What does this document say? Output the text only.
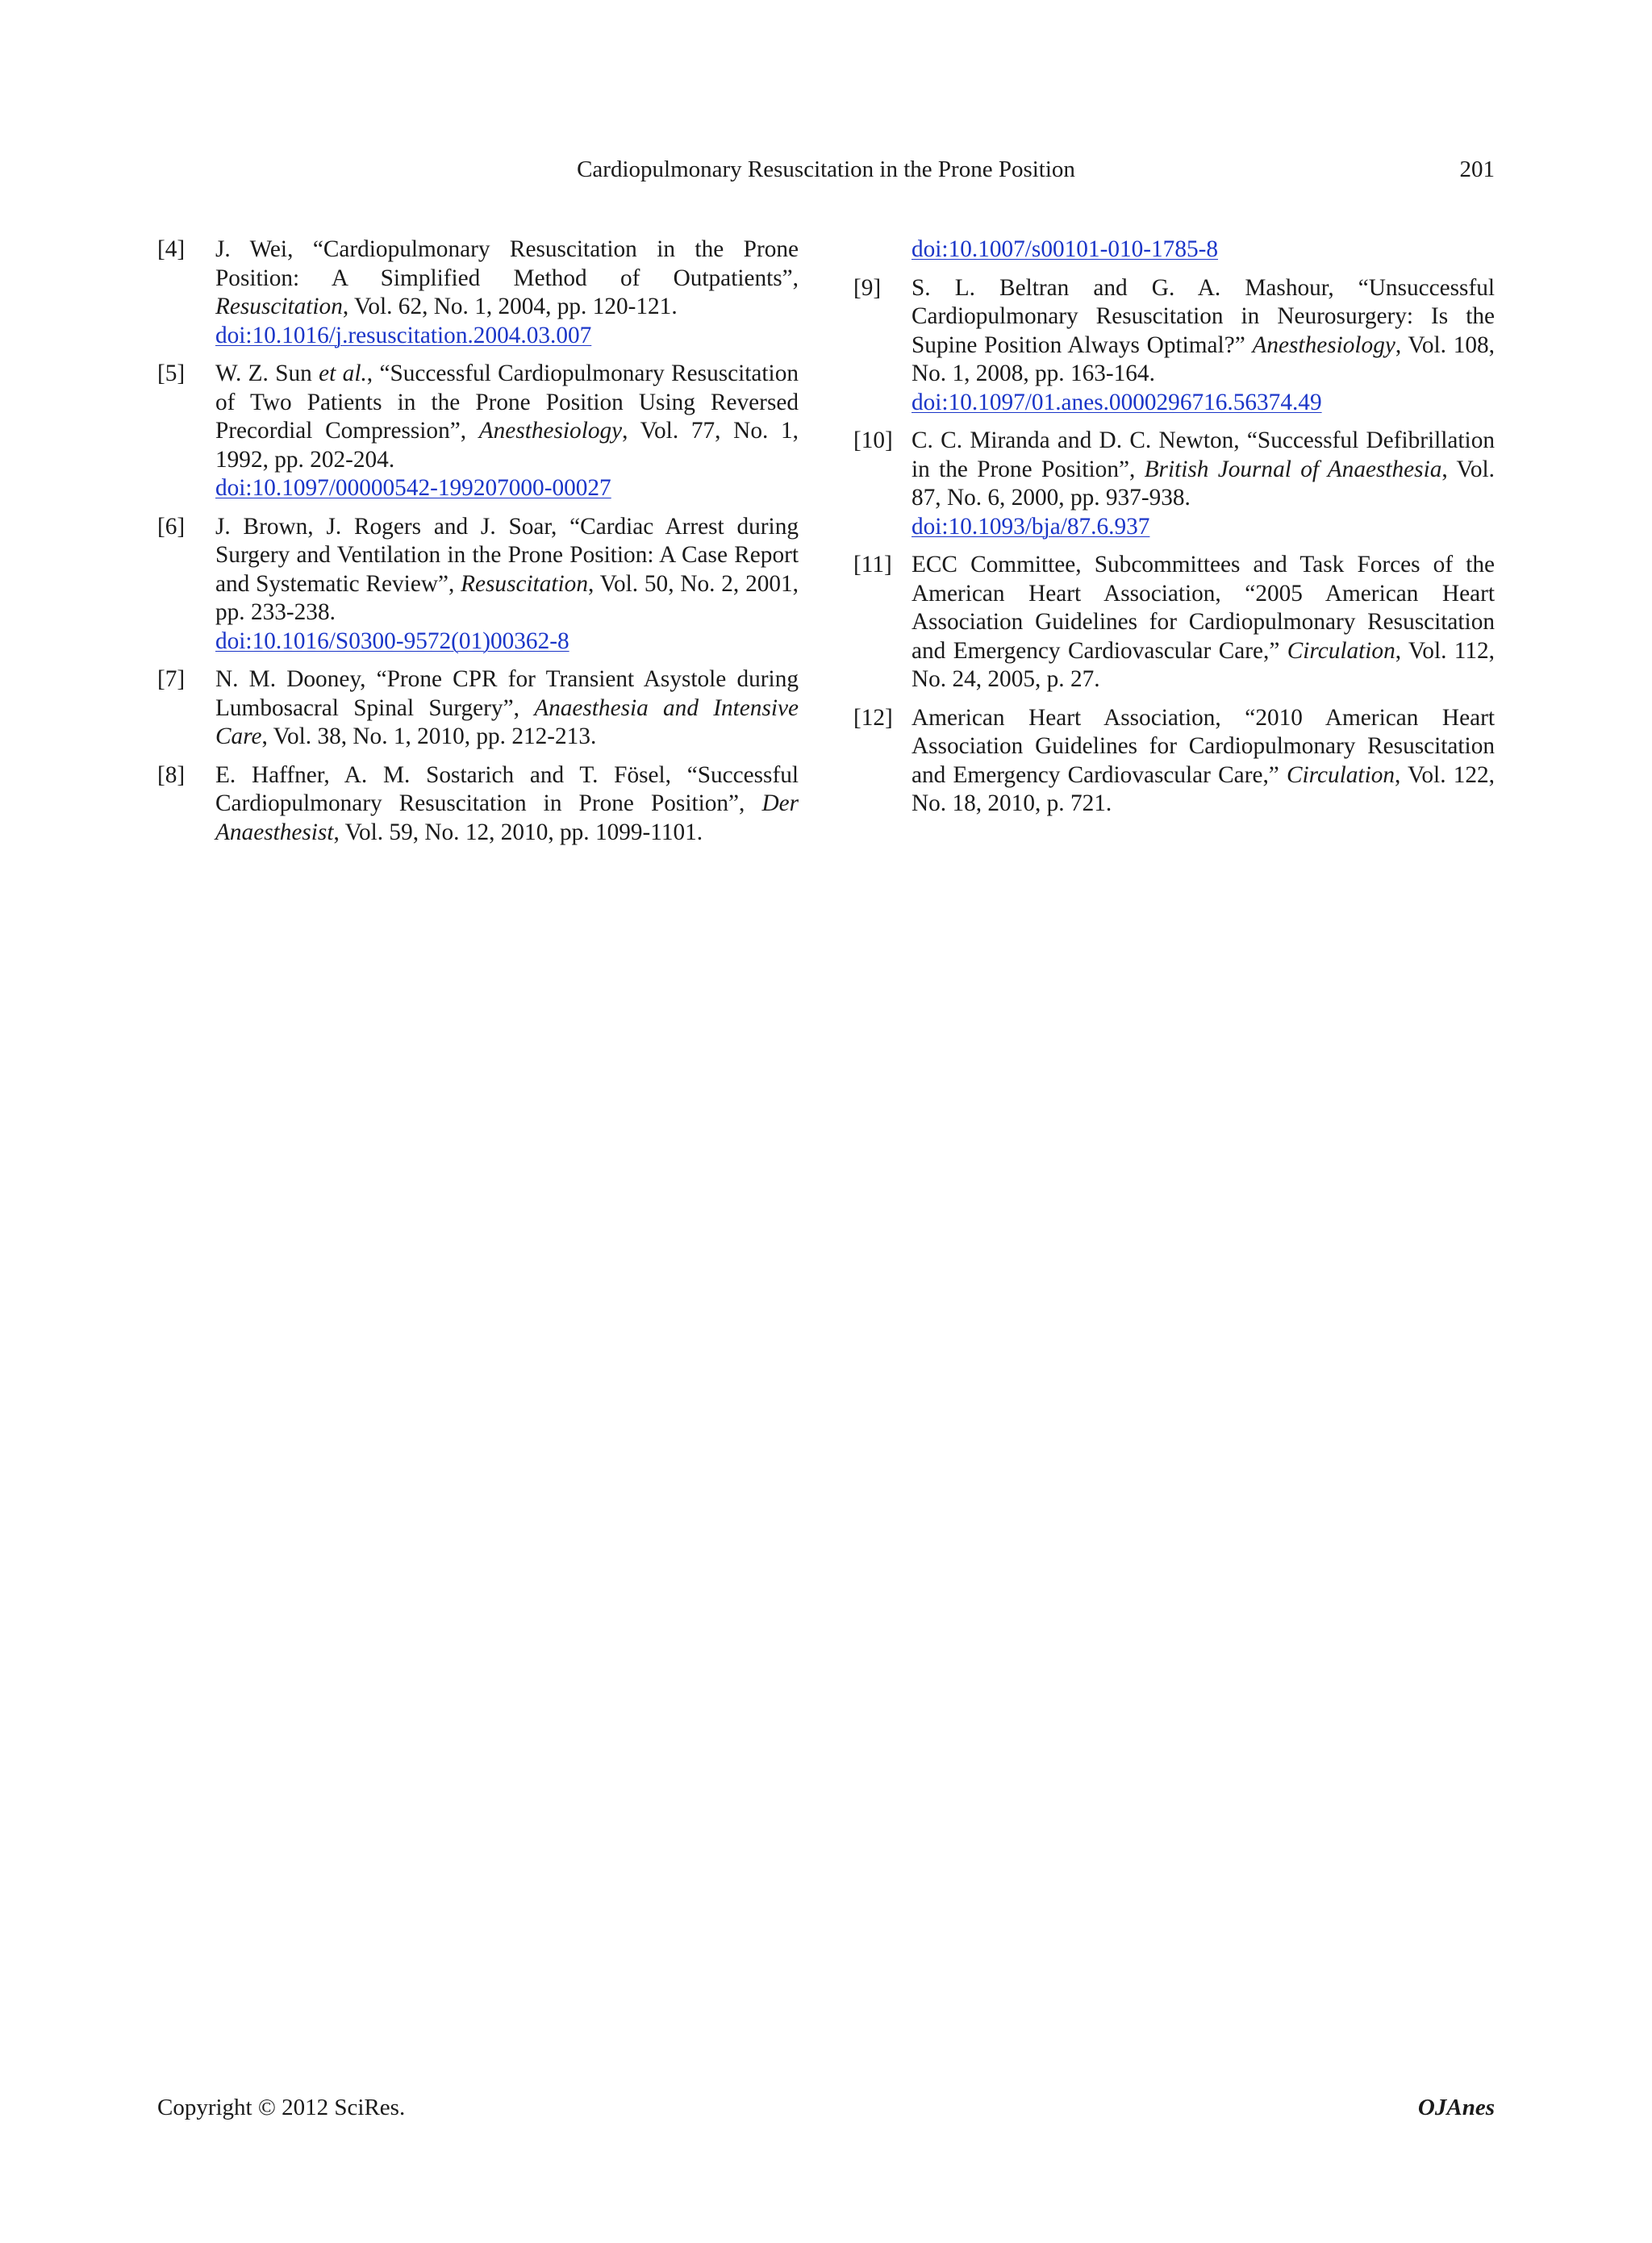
Cardiopulmonary Resuscitation in the Prone Position	201
[4] J. Wei, “Cardiopulmonary Resuscitation in the Prone Position: A Simplified Method of Outpatients”, Resuscitation, Vol. 62, No. 1, 2004, pp. 120-121.
doi:10.1016/j.resuscitation.2004.03.007
[5] W. Z. Sun et al., “Successful Cardiopulmonary Resuscitation of Two Patients in the Prone Position Using Reversed Precordial Compression”, Anesthesiology, Vol. 77, No. 1, 1992, pp. 202-204.
doi:10.1097/00000542-199207000-00027
[6] J. Brown, J. Rogers and J. Soar, “Cardiac Arrest during Surgery and Ventilation in the Prone Position: A Case Report and Systematic Review”, Resuscitation, Vol. 50, No. 2, 2001, pp. 233-238.
doi:10.1016/S0300-9572(01)00362-8
[7] N. M. Dooney, “Prone CPR for Transient Asystole during Lumbosacral Spinal Surgery”, Anaesthesia and Intensive Care, Vol. 38, No. 1, 2010, pp. 212-213.
[8] E. Haffner, A. M. Sostarich and T. Fösel, “Successful Cardiopulmonary Resuscitation in Prone Position”, Der Anaesthesist, Vol. 59, No. 12, 2010, pp. 1099-1101.
doi:10.1007/s00101-010-1785-8
[9] S. L. Beltran and G. A. Mashour, “Unsuccessful Cardiopulmonary Resuscitation in Neurosurgery: Is the Supine Position Always Optimal?” Anesthesiology, Vol. 108, No. 1, 2008, pp. 163-164.
doi:10.1097/01.anes.0000296716.56374.49
[10] C. C. Miranda and D. C. Newton, “Successful Defibrillation in the Prone Position”, British Journal of Anaesthesia, Vol. 87, No. 6, 2000, pp. 937-938.
doi:10.1093/bja/87.6.937
[11] ECC Committee, Subcommittees and Task Forces of the American Heart Association, “2005 American Heart Association Guidelines for Cardiopulmonary Resuscitation and Emergency Cardiovascular Care,” Circulation, Vol. 112, No. 24, 2005, p. 27.
[12] American Heart Association, “2010 American Heart Association Guidelines for Cardiopulmonary Resuscitation and Emergency Cardiovascular Care,” Circulation, Vol. 122, No. 18, 2010, p. 721.
Copyright © 2012 SciRes.	OJAnes
